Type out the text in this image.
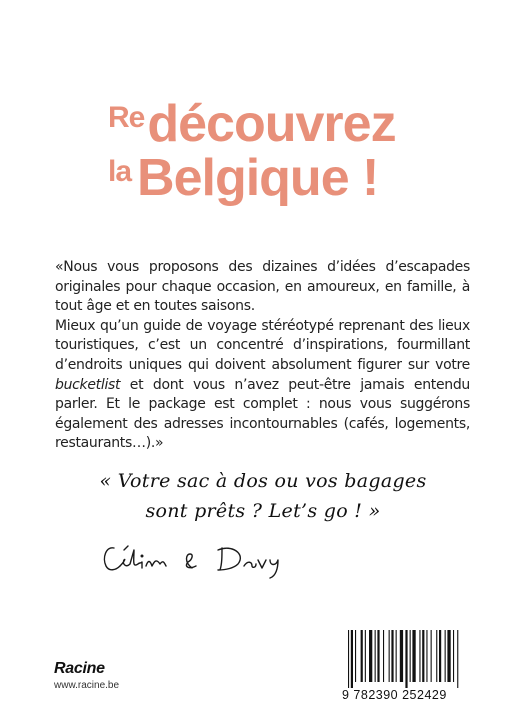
Redécouvrez
la Belgique !

«Nous vous proposons des dizaines d’idées d’escapades originales pour chaque occasion, en amoureux, en famille, à tout âge et en toutes saisons.

Mieux qu’un guide de voyage stéréotypé reprenant des lieux touristiques, c’est un concentré d’inspirations, fourmillant d’endroits uniques qui doivent absolument figurer sur votre bucketlist et dont vous n’avez peut-être jamais entendu parler. Et le package est complet : nous vous suggérons également des adresses incontournables (cafés, logements, restaurants…).»

« Votre sac à dos ou vos bagages
sont prêts ? Let’s go ! »
Racine
www.racine.be
9 782390 252429
